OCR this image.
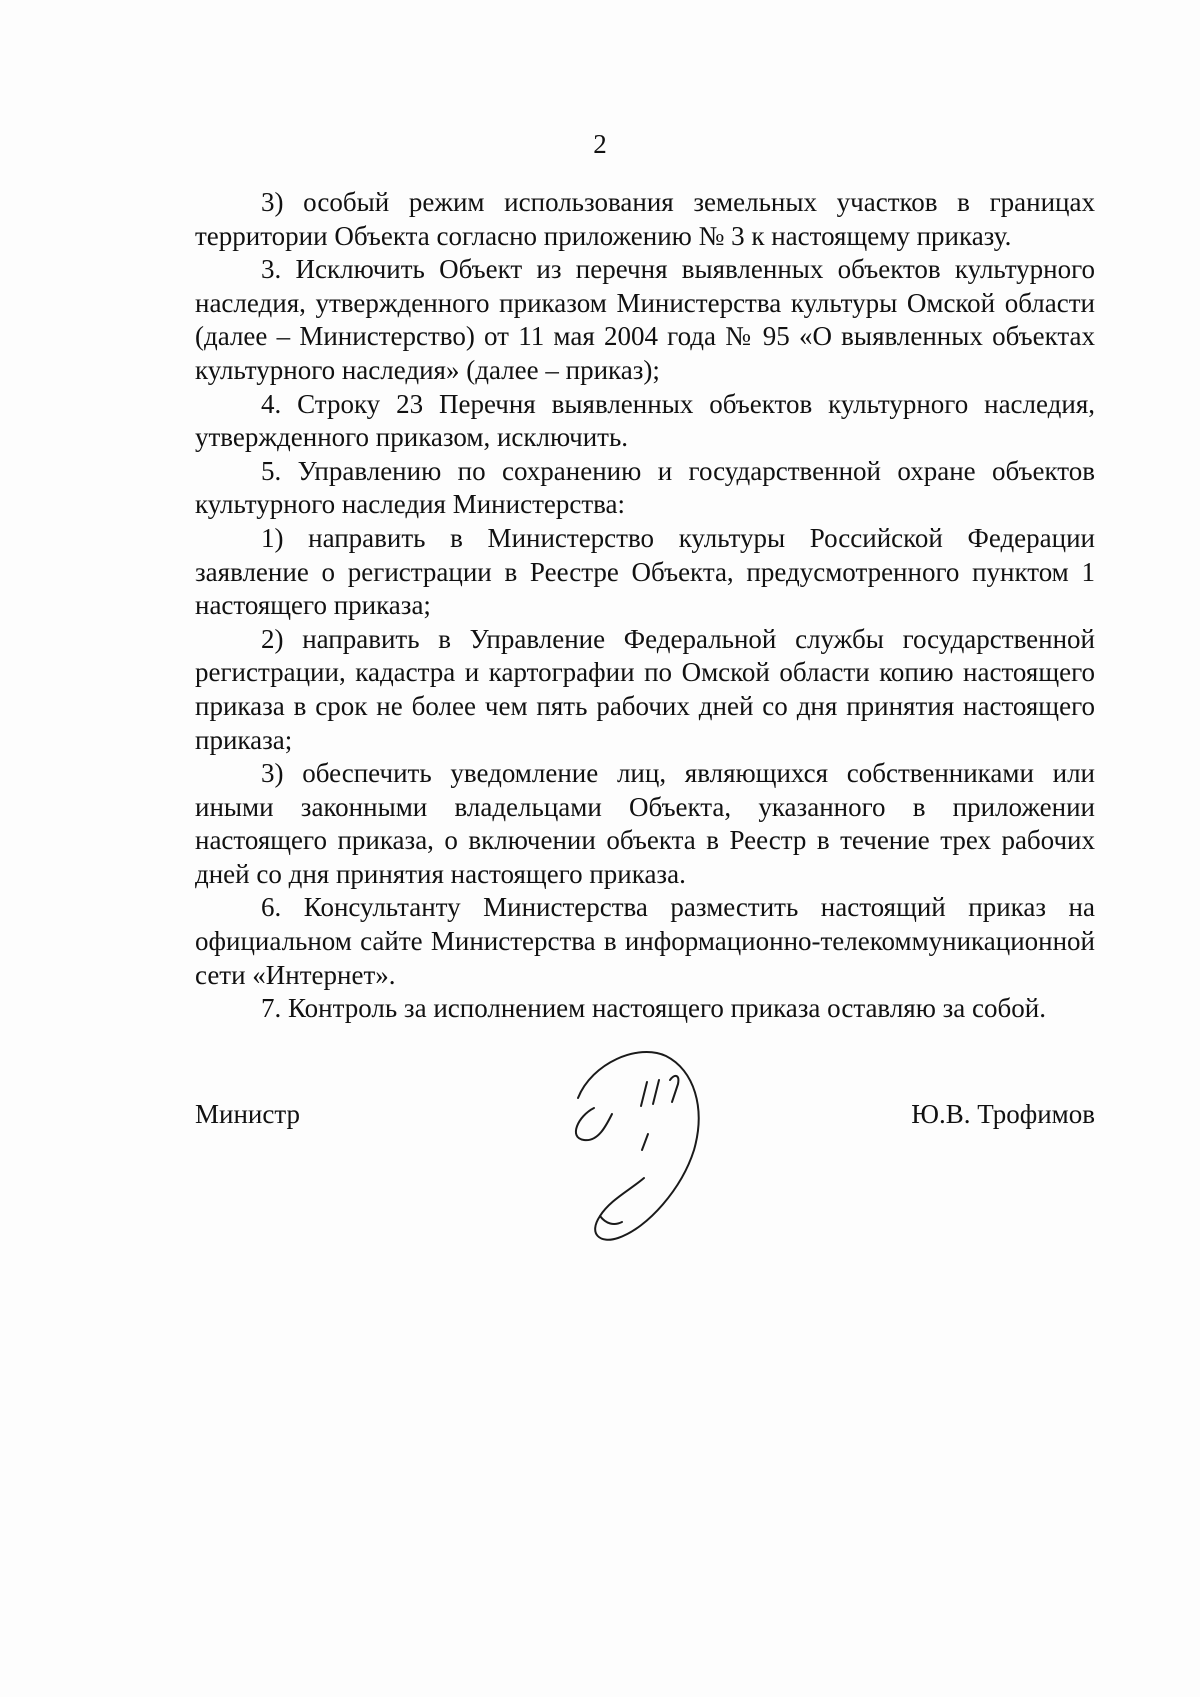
2

3) особый режим использования земельных участков в границах территории Объекта согласно приложению № 3 к настоящему приказу.

3. Исключить Объект из перечня выявленных объектов культурного наследия, утвержденного приказом Министерства культуры Омской области (далее – Министерство) от 11 мая 2004 года № 95 «О выявленных объектах культурного наследия» (далее – приказ);

4. Строку 23 Перечня выявленных объектов культурного наследия, утвержденного приказом, исключить.

5. Управлению по сохранению и государственной охране объектов культурного наследия Министерства:

1) направить в Министерство культуры Российской Федерации заявление о регистрации в Реестре Объекта, предусмотренного пунктом 1 настоящего приказа;

2) направить в Управление Федеральной службы государственной регистрации, кадастра и картографии по Омской области копию настоящего приказа в срок не более чем пять рабочих дней со дня принятия настоящего приказа;

3) обеспечить уведомление лиц, являющихся собственниками или иными законными владельцами Объекта, указанного в приложении настоящего приказа, о включении объекта в Реестр в течение трех рабочих дней со дня принятия настоящего приказа.

6. Консультанту Министерства разместить настоящий приказ на официальном сайте Министерства в информационно-телекоммуникационной сети «Интернет».

7. Контроль за исполнением настоящего приказа оставляю за собой.

Министр	Ю.В. Трофимов
